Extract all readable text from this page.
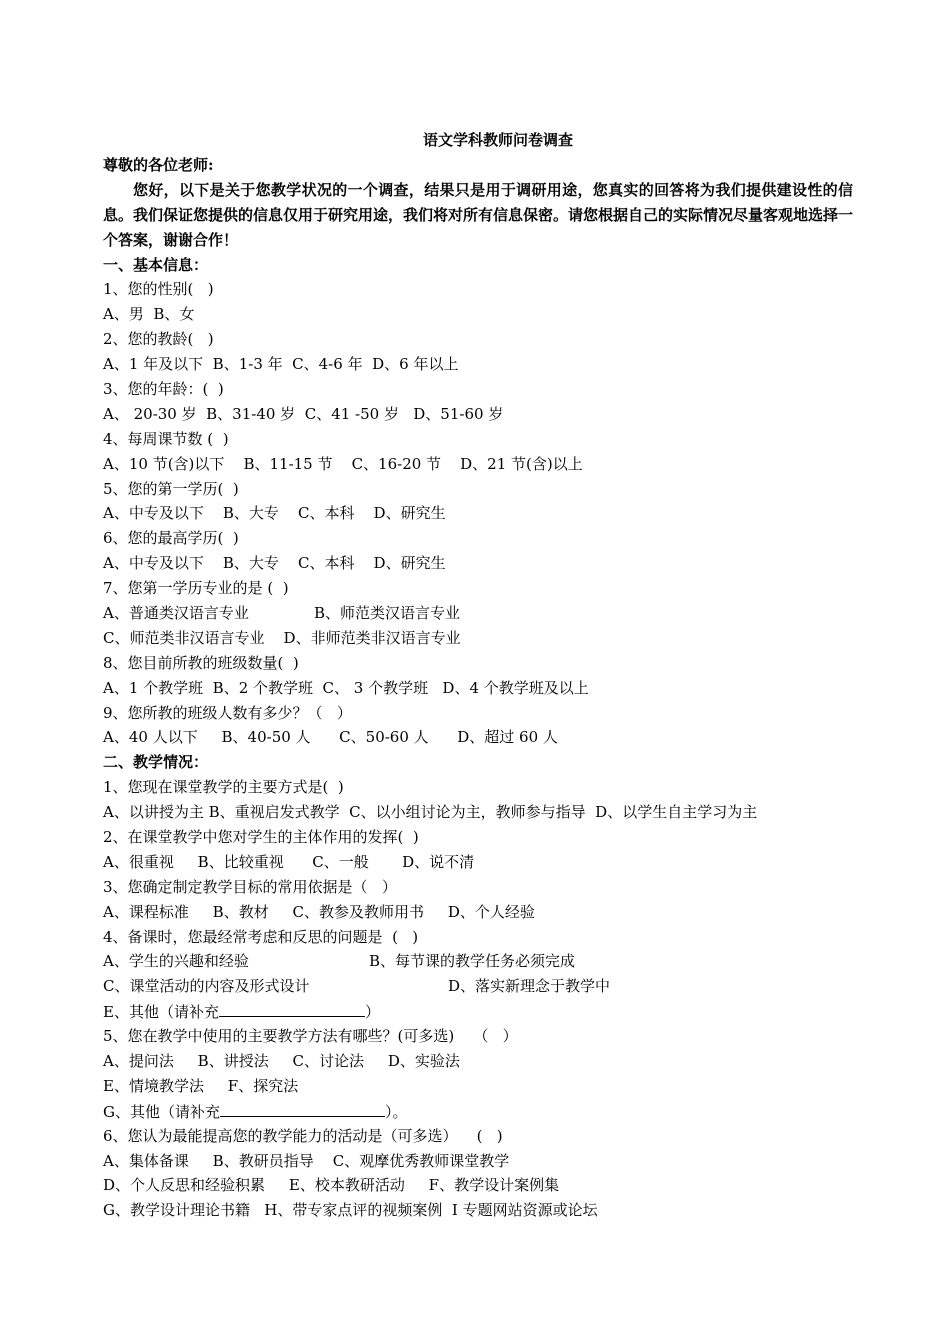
语文学科教师问卷调查
尊敬的各位老师:
您好，以下是关于您教学状况的一个调查，结果只是用于调研用途，您真实的回答将为我们提供建设性的信息。我们保证您提供的信息仅用于研究用途，我们将对所有信息保密。请您根据自己的实际情况尽量客观地选择一个答案，谢谢合作！
一、基本信息：
1、您的性别(   )
A、男  B、女
2、您的教龄(   )
A、1 年及以下  B、1-3 年  C、4-6 年  D、6 年以上
3、您的年龄：(  )
A、 20-30 岁  B、31-40 岁  C、41 -50 岁   D、51-60 岁
4、每周课节数 (  )
A、10 节(含)以下    B、11-15 节    C、16-20 节    D、21 节(含)以上
5、您的第一学历(  )
A、中专及以下    B、大专    C、本科    D、研究生
6、您的最高学历(  )
A、中专及以下    B、大专    C、本科    D、研究生
7、您第一学历专业的是 (  )
A、普通类汉语言专业	B、师范类汉语言专业
C、师范类非汉语言专业    D、非师范类非汉语言专业
8、您目前所教的班级数量(  )
A、1 个教学班  B、2 个教学班  C、 3 个教学班   D、4 个教学班及以上
9、您所教的班级人数有多少？（   ）
A、40 人以下     B、40-50 人      C、50-60 人      D、超过 60 人
二、教学情况：
1、您现在课堂教学的主要方式是(  )
A、以讲授为主 B、重视启发式教学  C、以小组讨论为主，教师参与指导  D、以学生自主学习为主
2、在课堂教学中您对学生的主体作用的发挥(  )
A、很重视     B、比较重视      C、一般       D、说不清
3、您确定制定教学目标的常用依据是（   ）
A、课程标准     B、教材     C、教参及教师用书     D、个人经验
4、备课时，您最经常考虑和反思的问题是  (   )
A、学生的兴趣和经验	B、每节课的教学任务必须完成
C、课堂活动的内容及形式设计	D、落实新理念于教学中
E、其他（请补充	）
5、您在教学中使用的主要教学方法有哪些？(可多选)    （   ）
A、提问法     B、讲授法     C、讨论法     D、实验法
E、情境教学法     F、探究法
G、其他（请补充	）。
6、您认为最能提高您的教学能力的活动是（可多选）    (   )
A、集体备课     B、教研员指导    C、观摩优秀教师课堂教学
D、个人反思和经验积累     E、校本教研活动     F、教学设计案例集
G、教学设计理论书籍   H、带专家点评的视频案例  I 专题网站资源或论坛
